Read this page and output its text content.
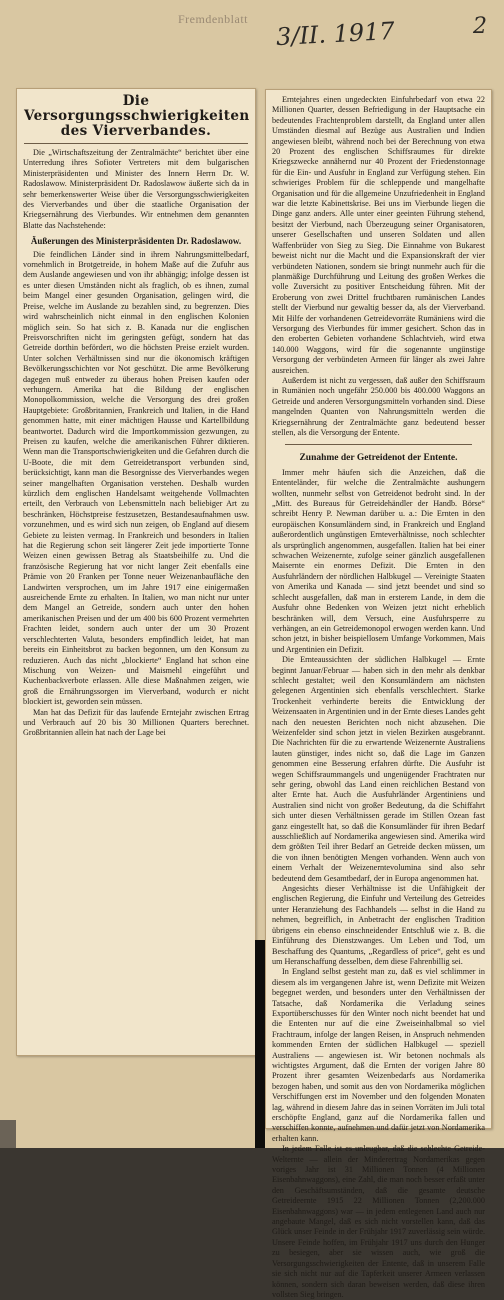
Fremdenblatt 3/II. 1917	2
Die Versorgungsschwierigkeiten des Vierverbandes.
Die „Wirtschaftszeitung der Zentralmächte“ berichtet über eine Unterredung ihres Sofioter Vertreters mit dem bulgarischen Ministerpräsidenten und Minister des Innern Herrn Dr. W. Radoslawow. Ministerpräsident Dr. Radoslawow äußerte sich da in sehr bemerkenswerter Weise über die Versorgungsschwierigkeiten des Vierverbandes und über die staatliche Organisation der Kriegsernährung des Vierbundes. Wir entnehmen dem genannten Blatte das Nachstehende:
Äußerungen des Ministerpräsidenten Dr. Radoslawow.
Die feindlichen Länder sind in ihrem Nahrungsmittelbedarf, vornehmlich in Brotgetreide, in hohem Maße auf die Zufuhr aus dem Auslande angewiesen und von ihr abhängig; infolge dessen ist es unter diesen Umständen nicht als fraglich, ob es ihnen, zumal beim Mangel einer gesunden Organisation, gelingen wird, die Preise, welche im Auslande zu bezahlen sind, zu begrenzen. Dies wird wahrscheinlich nicht einmal in den englischen Kolonien möglich sein. So hat sich z. B. Kanada nur die englischen Preisvorschriften nicht im geringsten gefügt, sondern hat das Getreide dorthin befördert, wo die höchsten Preise erzielt wurden. Unter solchen Verhältnissen sind nur die ökonomisch kräftigen Bevölkerungsschichten vor Not geschützt. Die arme Bevölkerung dagegen muß entweder zu überaus hohen Preisen kaufen oder verhungern. Amerika hat die Bildung der englischen Monopolkommission, welche die Versorgung des drei großen Hauptgebiete: Großbritannien, Frankreich und Italien, in die Hand genommen hatte, mit einer mächtigen Hausse und Kartellbildung beantwortet. Dadurch wird die Importkommission gezwungen, zu Preisen zu kaufen, welche die amerikanischen Führer diktieren. Wenn man die Transportschwierigkeiten und die Gefahren durch die U-Boote, die mit dem Getreidetransport verbunden sind, berücksichtigt, kann man die Besorgnisse des Vierverbandes wegen seiner mangelhaften Organisation verstehen. Deshalb wurden kürzlich dem englischen Handelsamt weitgehende Vollmachten erteilt, den Verbrauch von Lebensmitteln nach beliebiger Art zu beschränken, Höchstpreise festzusetzen, Bestandesaufnahmen usw. vorzunehmen, und es wird sich nun zeigen, ob England auf diesem Gebiete zu leisten vermag. In Frankreich und besonders in Italien hat die Regierung schon seit längerer Zeit jede importierte Tonne Weizen einen gewissen Betrag als Staatsbeihilfe zu. Und die französische Regierung hat vor nicht langer Zeit ebenfalls eine Prämie von 20 Franken per Tonne neuer Weizenanbaufläche den Landwirten versprochen, um im Jahre 1917 eine einigermaßen ausreichende Ernte zu erhalten. In Italien, wo man nicht nur unter dem Mangel an Getreide, sondern auch unter den hohen amerikanischen Preisen und der um 400 bis 600 Prozent vermehrten Frachten leidet, sondern auch unter der um 30 Prozent verschlechterten Valuta, besonders empfindlich leidet, hat man bereits ein Einheitsbrot zu backen begonnen, um den Konsum zu reduzieren. Auch das nicht „blockierte“ England hat schon eine Mischung von Weizen- und Maismehl eingeführt und Kuchenbackverbote erlassen. Alle diese Maßnahmen zeigen, wie groß die Ernährungssorgen im Vierverband, wodurch er nicht blockiert ist, geworden sein müssen.
Man hat das Defizit für das laufende Erntejahr zwischen Ertrag und Verbrauch auf 20 bis 30 Millionen Quarters berechnet. Großbritannien allein hat nach der Lage bei
Erntejahres einen ungedeckten Einfuhrbedarf von etwa 22 Millionen Quarter, dessen Befriedigung in der Hauptsache ein bedeutendes Frachtenproblem darstellt, da England unter allen Umständen diesmal auf Bezüge aus Australien und Indien angewiesen bleibt, während noch bei der Berechnung von etwa 20 Prozent des englischen Schiffsraumes für direkte Kriegszwecke annähernd nur 40 Prozent der Friedenstonnage für die Ein- und Ausfuhr in England zur Verfügung stehen. Ein schwieriges Problem für die schleppende und mangelhafte Organisation und für die allgemeine Unzufriedenheit in England war die letzte Kabinettskrise. Bei uns im Vierbunde liegen die Dinge ganz anders. Alle unter einer geeinten Führung stehend, besitzt der Vierbund, nach Überzeugung seiner Organisatoren, unserer Gesellschaften und unseren Soldaten und allen Waffenbrüder von Sieg zu Sieg. Die Einnahme von Bukarest beweist nicht nur die Macht und die Expansionskraft der vier verbündeten Nationen, sondern sie bringt nunmehr auch für die planmäßige Durchführung und Leitung des großen Werkes die volle Zuversicht zu positiver Entscheidung führen. Mit der Eroberung von zwei Drittel fruchtbaren rumänischen Landes stellt der Vierbund nur gewaltig besser da, als der Vierverband. Mit Hilfe der vorhandenen Getreidevorräte Rumäniens wird die Versorgung des Vierbundes für immer gesichert. Schon das in den eroberten Gebieten vorhandene Schlachtvieh, wird etwa 140.000 Waggons, wird für die sogenannte ungünstige Versorgung der verbündeten Armeen für länger als zwei Jahre ausreichen.
Außerdem ist nicht zu vergessen, daß außer den Schiffsraum in Rumänien noch ungefähr 250.000 bis 400.000 Waggons an Getreide und anderen Versorgungsmitteln vorhanden sind. Diese mangelnden Quanten von Nahrungsmitteln werden die Kriegsernährung der Zentralmächte ganz bedeutend besser stellen, als die Versorgung der Entente.
Zunahme der Getreidenot der Entente.
Immer mehr häufen sich die Anzeichen, daß die Ententeländer, für welche die Zentralmächte aushungern wollten, nunmehr selbst von Getreidenot bedroht sind. In der „Mitt. des Bureaus für Getreidehändler der Handb. Börse“ schreibt Henry P. Newman darüber u. a.: Die Ernten in den europäischen Konsumländern sind, in Frankreich und England außerordentlich ungünstigen Ernteverhältnisse, noch schlechter als ursprünglich angenommen, ausgefallen. Italien hat bei einer schwachen Weizenernte, zufolge seiner gänzlich ausgefallenen Maisernte ein enormes Defizit. Die Ernten in den Ausfuhrländern der nördlichen Halbkugel — Vereinigte Staaten von Amerika und Kanada — sind jetzt beendet und sind so schlecht ausgefallen, daß man in ersterem Lande, in dem die Ausfuhr ohne Bedenken von Weizen jetzt nicht erheblich beschränken will, dem Versuch, eine Ausfuhrsperre zu verhängen, an ein Getreidemonopol erwogen werden kann. Und schon jetzt, in bisher beispiellosem Umfange Vorkommen, Mais und Argentinien ein Defizit.
Die Ernteaussichten der südlichen Halbkugel — Ernte beginnt Januar/Februar — haben sich in den mehr als denkbar schlecht gestaltet; weil den Konsumländern am nächsten gelegenen Argentinien sich ebenfalls verschlechtert. Starke Trockenheit verhinderte bereits die Entwicklung der Weizensaaten in Argentinien und in der Ernte dieses Landes geht nach den neuesten Berichten noch nicht abzusehen. Die Weizenfelder sind schon jetzt in vielen Bezirken ausgebrannt. Die Nachrichten für die zu erwartende Weizenernte Australiens lauten günstiger, indes nicht so, daß die Lage im Ganzen genommen eine Besserung erfahren dürfte. Die Ausfuhr ist wegen Schiffsraummangels und ungenügender Frachtraten nur sehr gering, obwohl das Land einen reichlichen Bestand von alter Ernte hat. Auch die Ausfuhrländer Argentiniens und Australien sind nicht von großer Bedeutung, da die Schiffahrt sich unter diesen Verhältnissen gerade im Stillen Ozean fast ganz eingestellt hat, so daß die Konsumländer für ihren Bedarf ausschließlich auf Nordamerika angewiesen sind. Amerika wird dem größten Teil ihrer Bedarf an Getreide decken müssen, um die von ihnen benötigten Mengen vorhanden. Wenn auch von einem Verhalt der Weizenerntevolumina sind also sehr bedeutend dem Gesamtbedarf, der in Europa angenommen hat.
Angesichts dieser Verhältnisse ist die Unfähigkeit der englischen Regierung, die Einfuhr und Verteilung des Getreides unter Heranziehung des Fachhandels — selbst in die Hand zu nehmen, begreiflich, in Anbetracht der englischen Tradition übrigens ein ebenso einschneidender Entschluß wie z. B. die Einführung des Dienstzwanges. Um Leben und Tod, um Beschaffung des Quantums, „Regardless of price“, geht es und um Heranschaffung desselben, dem diese Fahrenbillig sei.
In England selbst gesteht man zu, daß es viel schlimmer in diesem als im vergangenen Jahre ist, wenn Defizite mit Weizen begegnet werden, und besonders unter den Verhältnissen der Tatsache, daß Nordamerika die Verladung seines Exportüberschusses für den Winter noch nicht beendet hat und die Ententen nur auf die eine Zweiseinhalbmal so viel Frachtraum, infolge der langen Reisen, in Anspruch nehmenden kommenden Ernten der südlichen Halbkugel — speziell Australiens — angewiesen ist. Wir betonen nochmals als wichtigstes Argument, daß die Ernten der vorigen Jahre 80 Prozent ihrer gesamten Weizenbedarfs aus Nordamerika bezogen haben, und somit aus den von Nordamerika möglichen Verschiffungen erst im November und den folgenden Monaten lag, während in diesem Jahre das in seinen Vorräten im Juli total erschöpfte England, ganz auf die Nordamerika fallen und verschiffen konnte, aufnehmen und dafür jetzt von Nordamerika erhalten kann.
In jedem Falle ist es unleugbar, daß die schlechte Getreide-Welternte — allein der Minderertrag Nordamerikas gegen voriges Jahr ist 31 Millionen Tonnen (4 Millionen Eisenbahnwaggons), eine Zahl, die man noch besser erfaßt unter den Geschäftsumständen, daß die gesamte deutsche Getreideernte 1915 22 Millionen Tonnen (2,200.000 Eisenbahnwaggons) war — in jedem entlegenen Land auch nur angebaute Mangel, daß es sich nicht vorstellen kann, daß das Glück unser Feinde in der Frühjahr 1917 zuverlässig sein würde. Unsere Feinde hoffen, im Frühjahr 1917 uns durch den Hunger zu besiegen, aber sie wissen auch, wie groß die Versorgungsschwierigkeiten der Entente, daß in unserem Falle sie sich nicht nur auf die Tapferkeit unserer Armeen verlassen können, sondern sich daran beweisen werden, daß diese ihren vollsten Sieg bringen.
